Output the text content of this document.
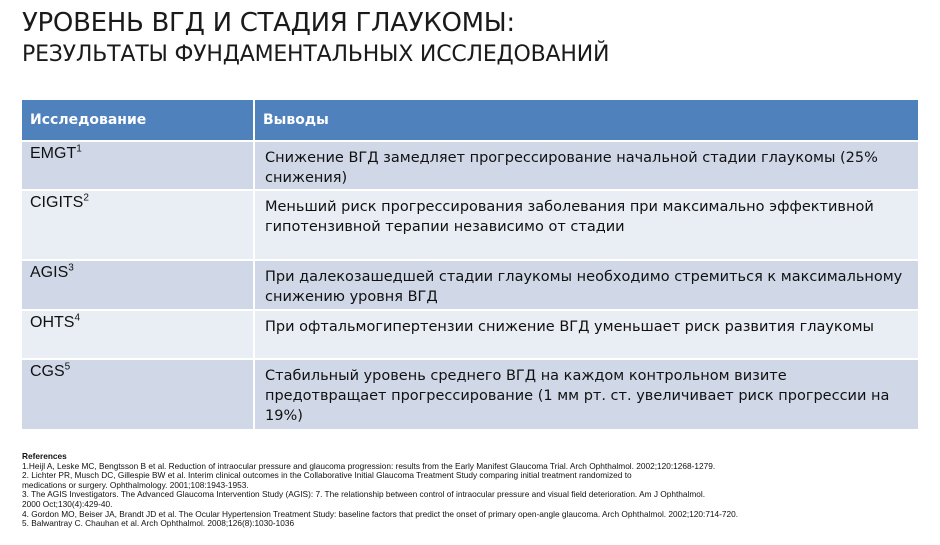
УРОВЕНЬ ВГД И СТАДИЯ ГЛАУКОМЫ:
РЕЗУЛЬТАТЫ ФУНДАМЕНТАЛЬНЫХ ИССЛЕДОВАНИЙ
Исследование	Выводы
EMGT$^1$	Снижение ВГД замедляет прогрессирование начальной стадии глаукомы (25% снижения)
CIGITS$^2$	Меньший риск прогрессирования заболевания при максимально эффективной гипотензивной терапии независимо от стадии
AGIS$^3$	При далекозашедшей стадии глаукомы необходимо стремиться к максимальному снижению уровня ВГД
OHTS$^4$	При офтальмогипертензии снижение ВГД уменьшает риск развития глаукомы
CGS$^5$	Стабильный уровень среднего ВГД на каждом контрольном визите предотвращает прогрессирование (1 мм рт. ст. увеличивает риск прогрессии на 19%)
References
1.Heijl A, Leske MC, Bengtsson B et al. Reduction of intraocular pressure and glaucoma progression: results from the Early Manifest Glaucoma Trial. Arch Ophthalmol. 2002;120:1268-1279.
2. Lichter PR, Musch DC, Gillespie BW et al. Interim clinical outcomes in the Collaborative Initial Glaucoma Treatment Study comparing initial treatment randomized to
medications or surgery. Ophthalmology. 2001;108:1943-1953.
3. The AGIS Investigators. The Advanced Glaucoma Intervention Study (AGIS): 7. The relationship between control of intraocular pressure and visual field deterioration. Am J Ophthalmol.
2000 Oct;130(4):429-40.
4. Gordon MO, Beiser JA, Brandt JD et al. The Ocular Hypertension Treatment Study: baseline factors that predict the onset of primary open-angle glaucoma. Arch Ophthalmol. 2002;120:714-720.
5. Balwantray C. Chauhan et al. Arch Ophthalmol. 2008;126(8):1030-1036
